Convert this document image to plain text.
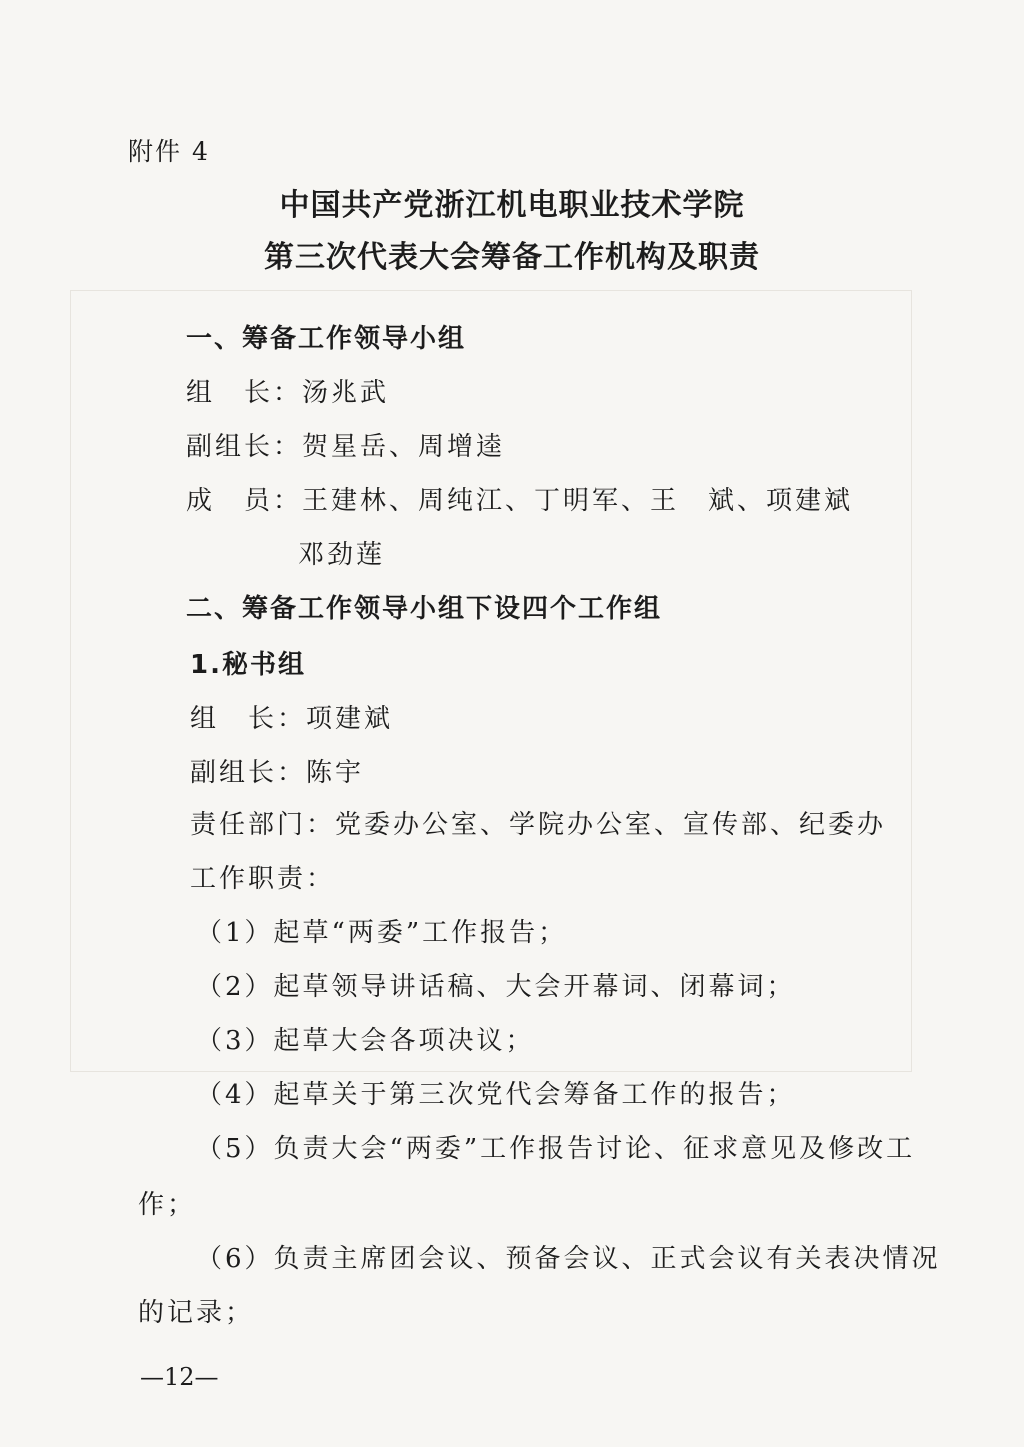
附件 4
中国共产党浙江机电职业技术学院
第三次代表大会筹备工作机构及职责
一、筹备工作领导小组
组　长：汤兆武
副组长：贺星岳、周增逵
成　员：王建林、周纯江、丁明军、王　斌、项建斌
邓劲莲
二、筹备工作领导小组下设四个工作组
1.秘书组
组　长：项建斌
副组长：陈宇
责任部门：党委办公室、学院办公室、宣传部、纪委办
工作职责：
（1）起草“两委”工作报告；
（2）起草领导讲话稿、大会开幕词、闭幕词；
（3）起草大会各项决议；
（4）起草关于第三次党代会筹备工作的报告；
（5）负责大会“两委”工作报告讨论、征求意见及修改工
作；
（6）负责主席团会议、预备会议、正式会议有关表决情况
的记录；
—12—
